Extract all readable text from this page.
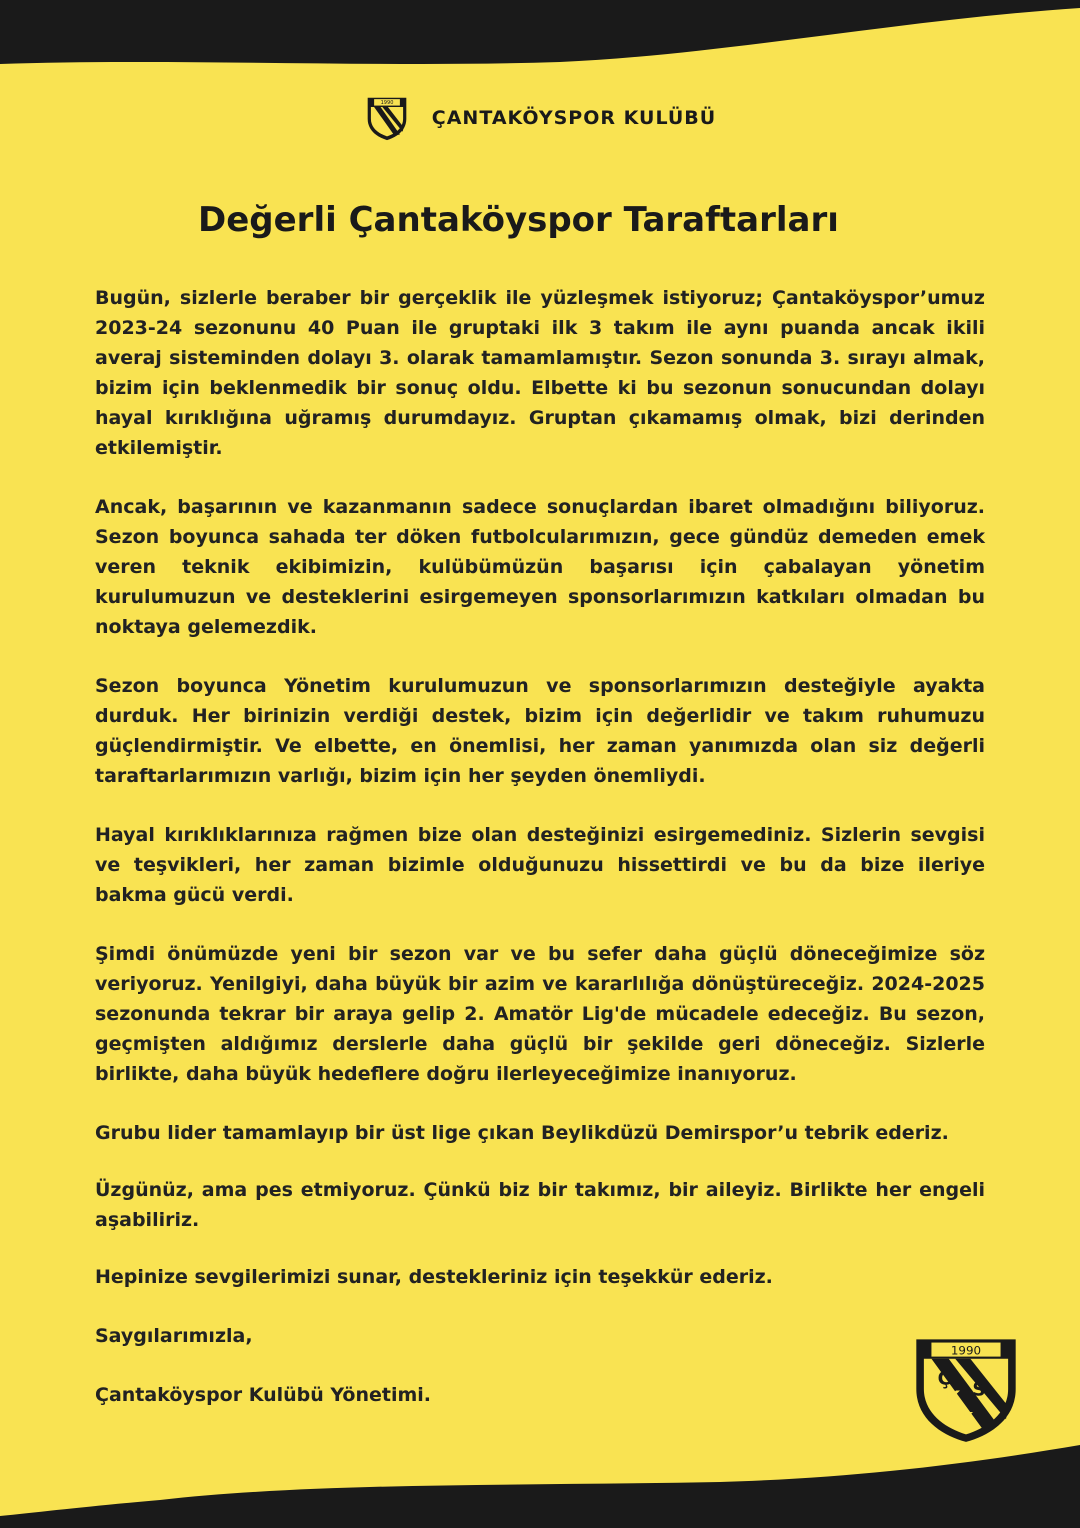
1990
ÇANTAKÖYSPOR KULÜBÜ
Değerli Çantaköyspor Taraftarları

Bugün, sizlerle beraber bir gerçeklik ile yüzleşmek istiyoruz; Çantaköyspor’umuz 2023-24 sezonunu 40 Puan ile gruptaki ilk 3 takım ile aynı puanda ancak ikili averaj sisteminden dolayı 3. olarak tamamlamıştır. Sezon sonunda 3. sırayı almak, bizim için beklenmedik bir sonuç oldu. Elbette ki bu sezonun sonucundan dolayı hayal kırıklığına uğramış durumdayız. Gruptan çıkamamış olmak, bizi derinden etkilemiştir.

Ancak, başarının ve kazanmanın sadece sonuçlardan ibaret olmadığını biliyoruz. Sezon boyunca sahada ter döken futbolcularımızın, gece gündüz demeden emek veren teknik ekibimizin, kulübümüzün başarısı için çabalayan yönetim kurulumuzun ve desteklerini esirgemeyen sponsorlarımızın katkıları olmadan bu noktaya gelemezdik.

Sezon boyunca Yönetim kurulumuzun ve sponsorlarımızın desteğiyle ayakta durduk. Her birinizin verdiği destek, bizim için değerlidir ve takım ruhumuzu güçlendirmiştir. Ve elbette, en önemlisi, her zaman yanımızda olan siz değerli taraftarlarımızın varlığı, bizim için her şeyden önemliydi.

Hayal kırıklıklarınıza rağmen bize olan desteğinizi esirgemediniz. Sizlerin sevgisi ve teşvikleri, her zaman bizimle olduğunuzu hissettirdi ve bu da bize ileriye bakma gücü verdi.

Şimdi önümüzde yeni bir sezon var ve bu sefer daha güçlü döneceğimize söz veriyoruz. Yenilgiyi, daha büyük bir azim ve kararlılığa dönüştüreceğiz. 2024-2025 sezonunda tekrar bir araya gelip 2. Amatör Lig'de mücadele edeceğiz. Bu sezon, geçmişten aldığımız derslerle daha güçlü bir şekilde geri döneceğiz. Sizlerle birlikte, daha büyük hedeflere doğru ilerleyeceğimize inanıyoruz.

Grubu lider tamamlayıp bir üst lige çıkan Beylikdüzü Demirspor’u tebrik ederiz.

Üzgünüz, ama pes etmiyoruz. Çünkü biz bir takımız, bir aileyiz. Birlikte her engeli aşabiliriz.

Hepinize sevgilerimizi sunar, destekleriniz için teşekkür ederiz.

Saygılarımızla,

Çantaköyspor Kulübü Yönetimi.

1990
Ç
K S
K
